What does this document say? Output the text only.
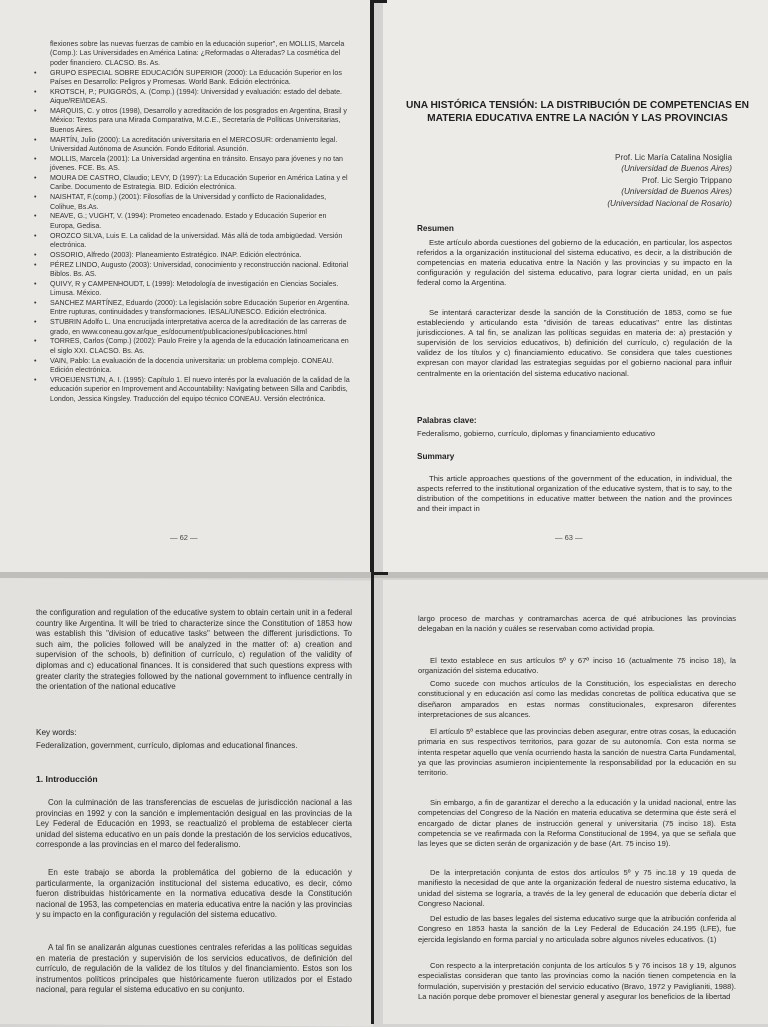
flexiones sobre las nuevas fuerzas de cambio en la educación superior", en MOLLIS, Marcela (Comp.): Las Universidades en América Latina: ¿Reformadas o Alteradas? La cosmética del poder financiero. CLACSO. Bs. As.
• GRUPO ESPECIAL SOBRE EDUCACIÓN SUPERIOR (2000): La Educación Superior en los Países en Desarrollo: Peligros y Promesas. World Bank. Edición electrónica.
• KROTSCH, P.; PUIGGRÓS, A. (Comp.) (1994): Universidad y evaluación: estado del debate. Aique/REI/IDEAS.
• MARQUIS, C. y otros (1998), Desarrollo y acreditación de los posgrados en Argentina, Brasil y México: Textos para una Mirada Comparativa, M.C.E., Secretaría de Políticas Universitarias, Buenos Aires.
• MARTÍN, Julio (2000): La acreditación universitaria en el MERCOSUR: ordenamiento legal. Universidad Autónoma de Asunción. Fondo Editorial. Asunción.
• MOLLIS, Marcela (2001): La Universidad argentina en tránsito. Ensayo para jóvenes y no tan jóvenes. FCE. Bs. AS.
• MOURA DE CASTRO, Claudio; LEVY, D (1997): La Educación Superior en América Latina y el Caribe. Documento de Estrategia. BID. Edición electrónica.
• NAISHTAT, F.(comp.) (2001): Filosofías de la Universidad y conflicto de Racionalidades, Colihue, Bs.As.
• NEAVE, G.; VUGHT, V. (1994): Prometeo encadenado. Estado y Educación Superior en Europa, Gedisa.
• OROZCO SILVA, Luis E. La calidad de la universidad. Más allá de toda ambigüedad. Versión electrónica.
• OSSORIO, Alfredo (2003): Planeamiento Estratégico. INAP. Edición electrónica.
• PÉREZ LINDO, Augusto (2003): Universidad, conocimiento y reconstrucción nacional. Editorial Biblos. Bs. AS.
• QUIVY, R y CAMPENHOUDT, L (1999): Metodología de investigación en Ciencias Sociales. Limusa. México.
• SANCHEZ MARTÍNEZ, Eduardo (2000): La legislación sobre Educación Superior en Argentina. Entre rupturas, continuidades y transformaciones. IESAL/UNESCO. Edición electrónica.
• STUBRIN Adolfo L. Una encrucijada interpretativa acerca de la acreditación de las carreras de grado, en www.coneau.gov.ar/que_es/document/publicaciones/publicaciones.html
• TORRES, Carlos (Comp.) (2002): Paulo Freire y la agenda de la educación latinoamericana en el siglo XXI. CLACSO. Bs. As.
• VAIN, Pablo: La evaluación de la docencia universitaria: un problema complejo. CONEAU. Edición electrónica.
• VROEIJENSTIJN, A. I. (1995): Capítulo 1. El nuevo interés por la evaluación de la calidad de la educación superior en Improvement and Accountability: Navigating between Silla and Caribdis, London, Jessica Kingsley. Traducción del equipo técnico CONEAU. Versión electrónica.
— 62 —
UNA HISTÓRICA TENSIÓN: LA DISTRIBUCIÓN DE COMPETENCIAS EN MATERIA EDUCATIVA ENTRE LA NACIÓN Y LAS PROVINCIAS
Prof. Lic María Catalina Nosiglia
(Universidad de Buenos Aires)
Prof. Lic Sergio Trippano
(Universidad de Buenos Aires)
(Universidad Nacional de Rosario)
Resumen

Este artículo aborda cuestiones del gobierno de la educación, en particular, los aspectos referidos a la organización institucional del sistema educativo, es decir, a la distribución de competencias en materia educativa entre la Nación y las provincias y su impacto en la configuración y regulación del sistema educativo, para lograr cierta unidad, en un país federal como la Argentina.

Se intentará caracterizar desde la sanción de la Constitución de 1853, como se fue estableciendo y articulando esta "división de tareas educativas" entre las distintas jurisdicciones. A tal fin, se analizan las políticas seguidas en materia de: a) prestación y supervisión de los servicios educativos, b) definición del currículo, c) regulación de la validez de los títulos y c) financiamiento educativo. Se considera que tales cuestiones expresan con mayor claridad las estrategias seguidas por el gobierno nacional para influir centralmente en la orientación del sistema educativo nacional.

Palabras clave:

Federalismo, gobierno, currículo, diplomas y financiamiento educativo

Summary

This article approaches questions of the government of the education, in individual, the aspects referred to the institutional organization of the educative system, that is to say, to the distribution of the competitions in educative matter between the nation and the provinces and their impact in

— 63 —

the configuration and regulation of the educative system to obtain certain unit in a federal country like Argentina. It will be tried to characterize since the Constitution of 1853 how was establish this "division of educative tasks" between the different jurisdictions. To such aim, the policies followed will be analyzed in the matter of: a) creation and supervision of the schools, b) definition of currículo, c) regulation of the validity of diplomas and c) educational finances. It is considered that such questions express with greater clarity the strategies followed by the national government to influence centrally in the orientation of the national educative

Key words:

Federalization, government, currículo, diplomas and educational finances.

1. Introducción

Con la culminación de las transferencias de escuelas de jurisdicción nacional a las provincias en 1992 y con la sanción e implementación desigual en las provincias de la Ley Federal de Educación en 1993, se reactualizó el problema de establecer cierta unidad del sistema educativo en un país donde la prestación de los servicios educativos, corresponde a las provincias en el marco del federalismo.

En este trabajo se aborda la problemática del gobierno de la educación y particularmente, la organización institucional del sistema educativo, es decir, cómo fueron distribuidas históricamente en la normativa educativa desde la Constitución nacional de 1953, las competencias en materia educativa entre la nación y las provincias y su impacto en la configuración y regulación del sistema educativo.

A tal fin se analizarán algunas cuestiones centrales referidas a las políticas seguidas en materia de prestación y supervisión de los servicios educativos, de definición del currículo, de regulación de la validez de los títulos y del financiamiento. Estos son los instrumentos políticos principales que históricamente fueron utilizados por el Estado nacional, para regular el sistema educativo en su conjunto.

largo proceso de marchas y contramarchas acerca de qué atribuciones las provincias delegaban en la nación y cuáles se reservaban como actividad propia.

El texto establece en sus artículos 5º y 67º inciso 16 (actualmente 75 inciso 18), la organización del sistema educativo.

Como sucede con muchos artículos de la Constitución, los especialistas en derecho constitucional y en educación así como las medidas concretas de política educativa que se diseñaron amparados en estas normas constitucionales, expresaron diferentes interpretaciones de sus alcances.

El artículo 5º establece que las provincias deben asegurar, entre otras cosas, la educación primaria en sus respectivos territorios, para gozar de su autonomía. Con esta norma se intenta respetar aquello que venía ocurriendo hasta la sanción de nuestra Carta Fundamental, ya que las provincias asumieron incipientemente la responsabilidad por la educación en su territorio.

Sin embargo, a fin de garantizar el derecho a la educación y la unidad nacional, entre las competencias del Congreso de la Nación en materia educativa se determina que éste será el encargado de dictar planes de instrucción general y universitaria (75 inciso 18). Esta competencia se ve reafirmada con la Reforma Constitucional de 1994, ya que se señala que las leyes que se dicten serán de organización y de base (Art. 75 inciso 19).

De la interpretación conjunta de estos dos artículos 5º y 75 inc.18 y 19 queda de manifiesto la necesidad de que ante la organización federal de nuestro sistema educativo, la unidad del sistema se lograría, a través de la ley general de educación que debería dictar el Congreso Nacional.

Del estudio de las bases legales del sistema educativo surge que la atribución conferida al Congreso en 1853 hasta la sanción de la Ley Federal de Educación 24.195 (LFE), fue ejercida legislando en forma parcial y no articulada sobre algunos niveles educativos. (1)

Con respecto a la interpretación conjunta de los artículos 5 y 76 incisos 18 y 19, algunos especialistas consideran que tanto las provincias como la nación tienen competencia en la formulación, supervisión y prestación del servicio educativo (Bravo, 1972 y Paviglianiti, 1988). La nación porque debe promover el bienestar general y asegurar los beneficios de la libertad
